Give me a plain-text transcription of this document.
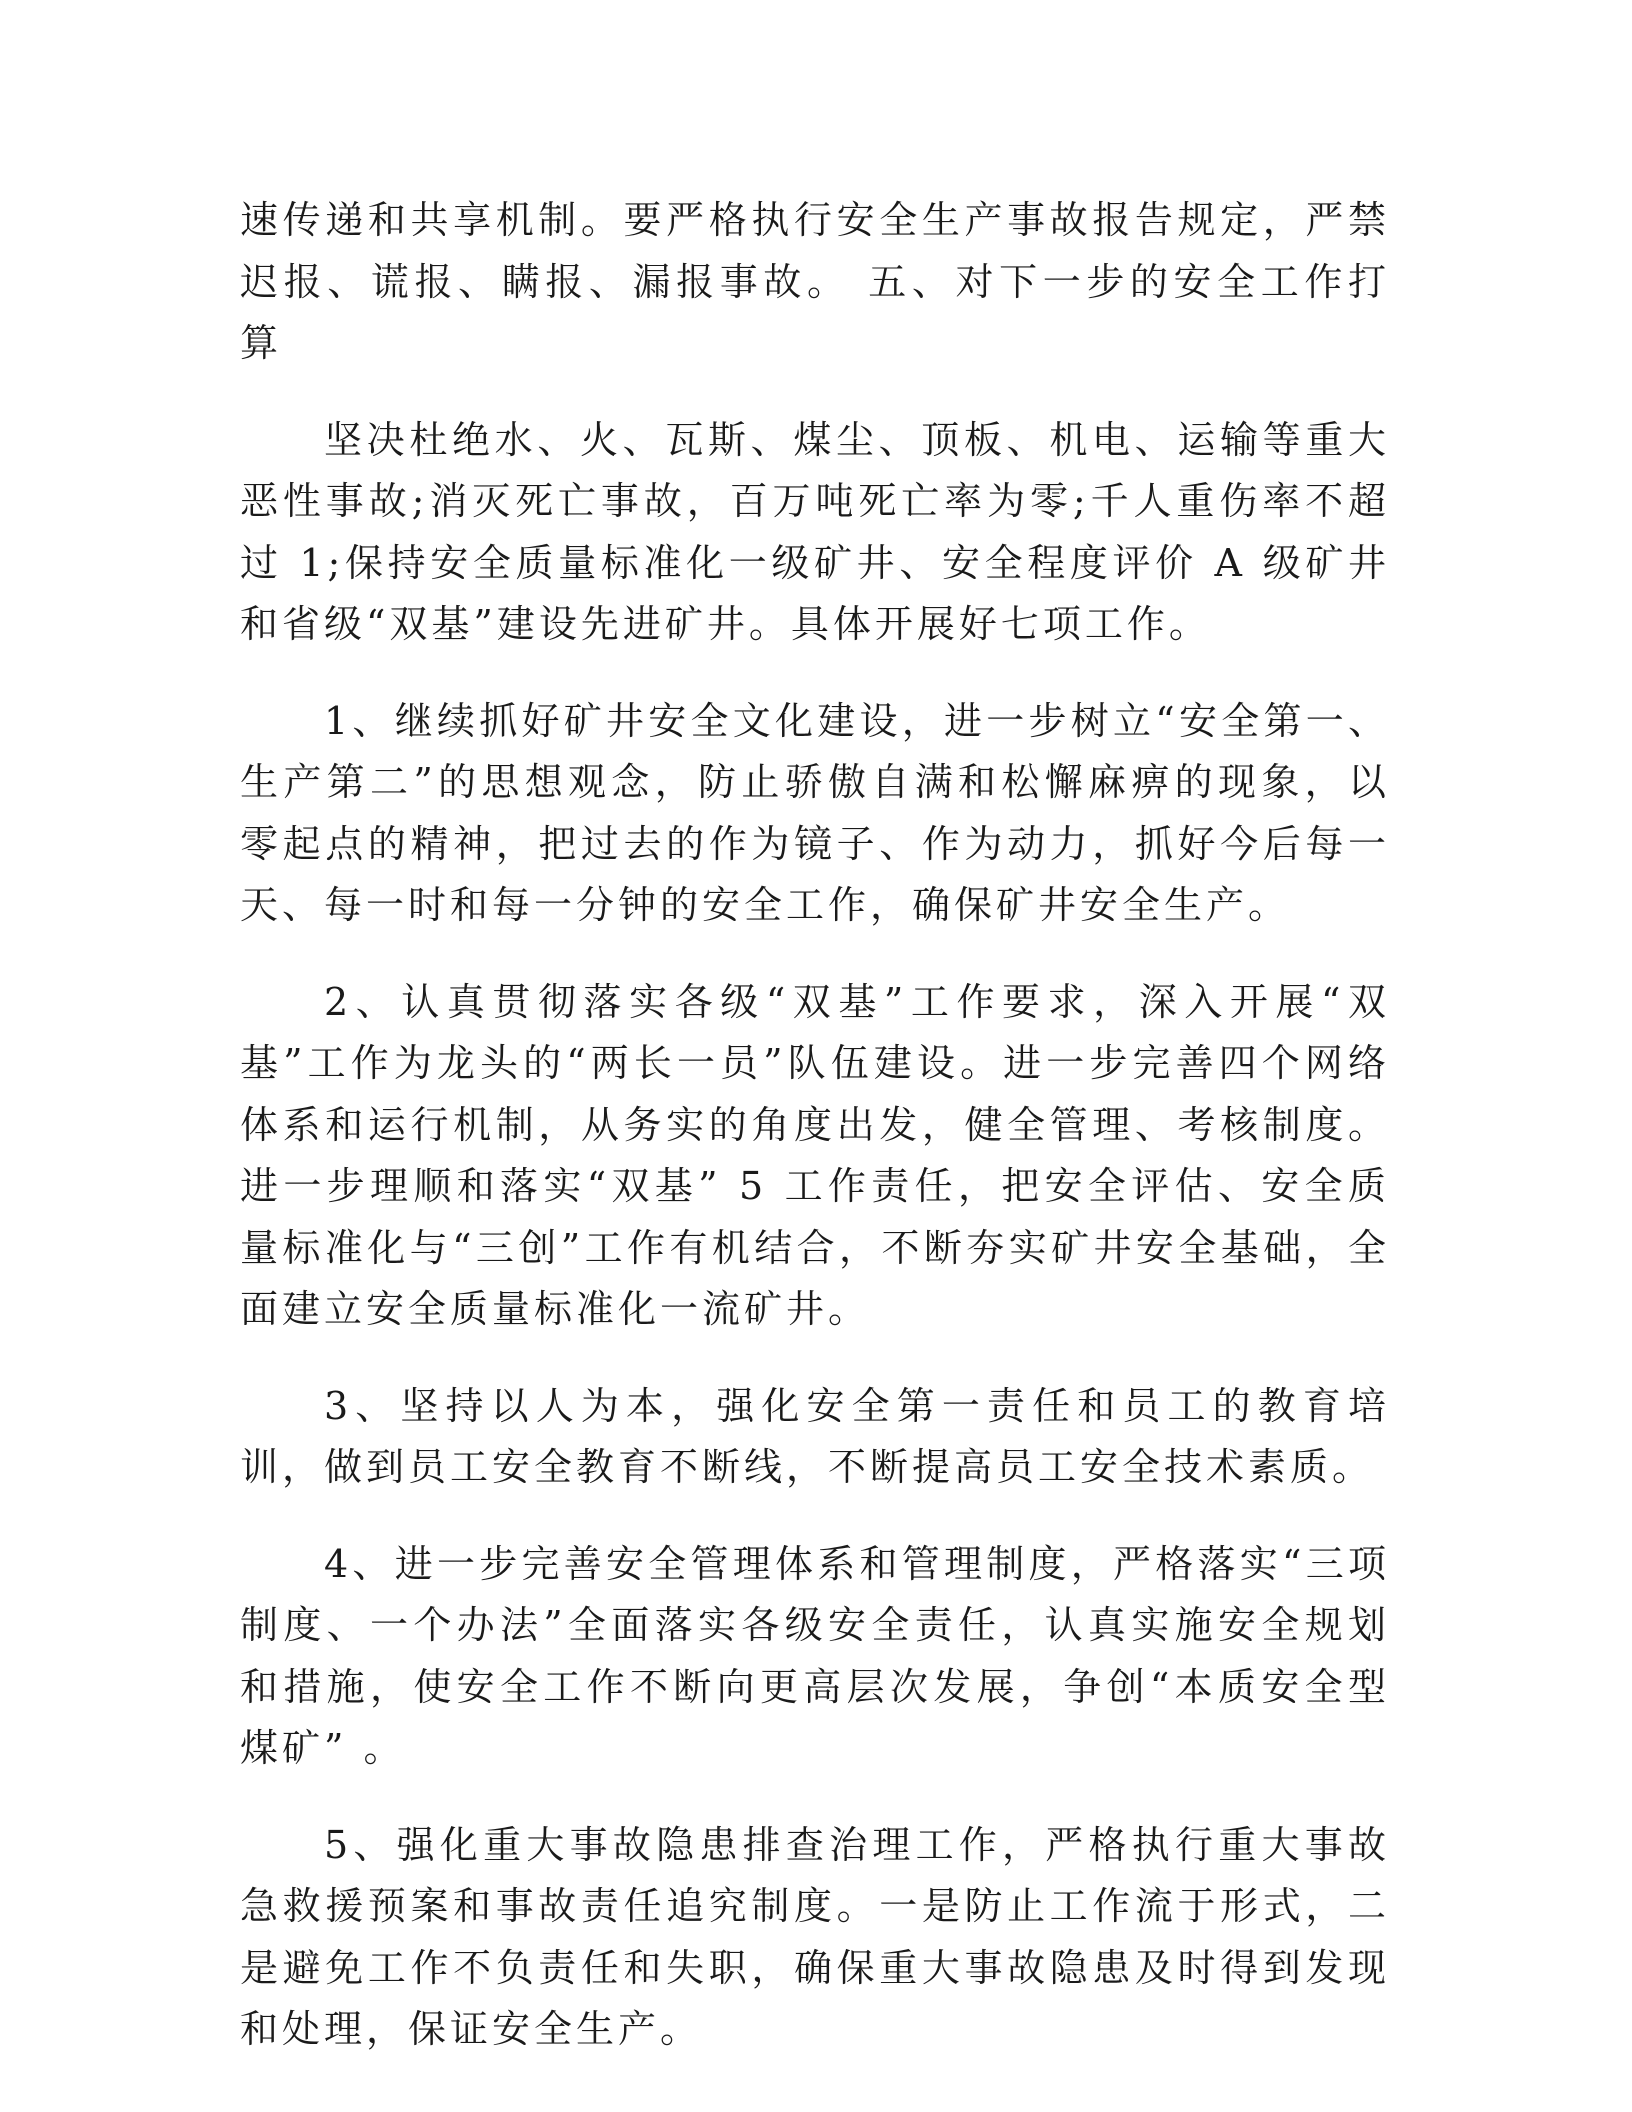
速传递和共享机制。要严格执行安全生产事故报告规定，严禁迟报、谎报、瞒报、漏报事故。 五、对下一步的安全工作打算

坚决杜绝水、火、瓦斯、煤尘、顶板、机电、运输等重大恶性事故;消灭死亡事故，百万吨死亡率为零;千人重伤率不超过 1;保持安全质量标准化一级矿井、安全程度评价 A 级矿井和省级“双基”建设先进矿井。具体开展好七项工作。

1、继续抓好矿井安全文化建设，进一步树立“安全第一、生产第二”的思想观念，防止骄傲自满和松懈麻痹的现象，以零起点的精神，把过去的作为镜子、作为动力，抓好今后每一天、每一时和每一分钟的安全工作，确保矿井安全生产。

2、认真贯彻落实各级“双基”工作要求，深入开展“双基”工作为龙头的“两长一员”队伍建设。进一步完善四个网络体系和运行机制，从务实的角度出发，健全管理、考核制度。进一步理顺和落实“双基” 5 工作责任，把安全评估、安全质量标准化与“三创”工作有机结合，不断夯实矿井安全基础，全面建立安全质量标准化一流矿井。

3、坚持以人为本，强化安全第一责任和员工的教育培训，做到员工安全教育不断线，不断提高员工安全技术素质。

4、进一步完善安全管理体系和管理制度，严格落实“三项制度、一个办法”全面落实各级安全责任，认真实施安全规划和措施，使安全工作不断向更高层次发展，争创“本质安全型煤矿” 。

5、强化重大事故隐患排查治理工作，严格执行重大事故急救援预案和事故责任追究制度。一是防止工作流于形式，二是避免工作不负责任和失职，确保重大事故隐患及时得到发现和处理，保证安全生产。
